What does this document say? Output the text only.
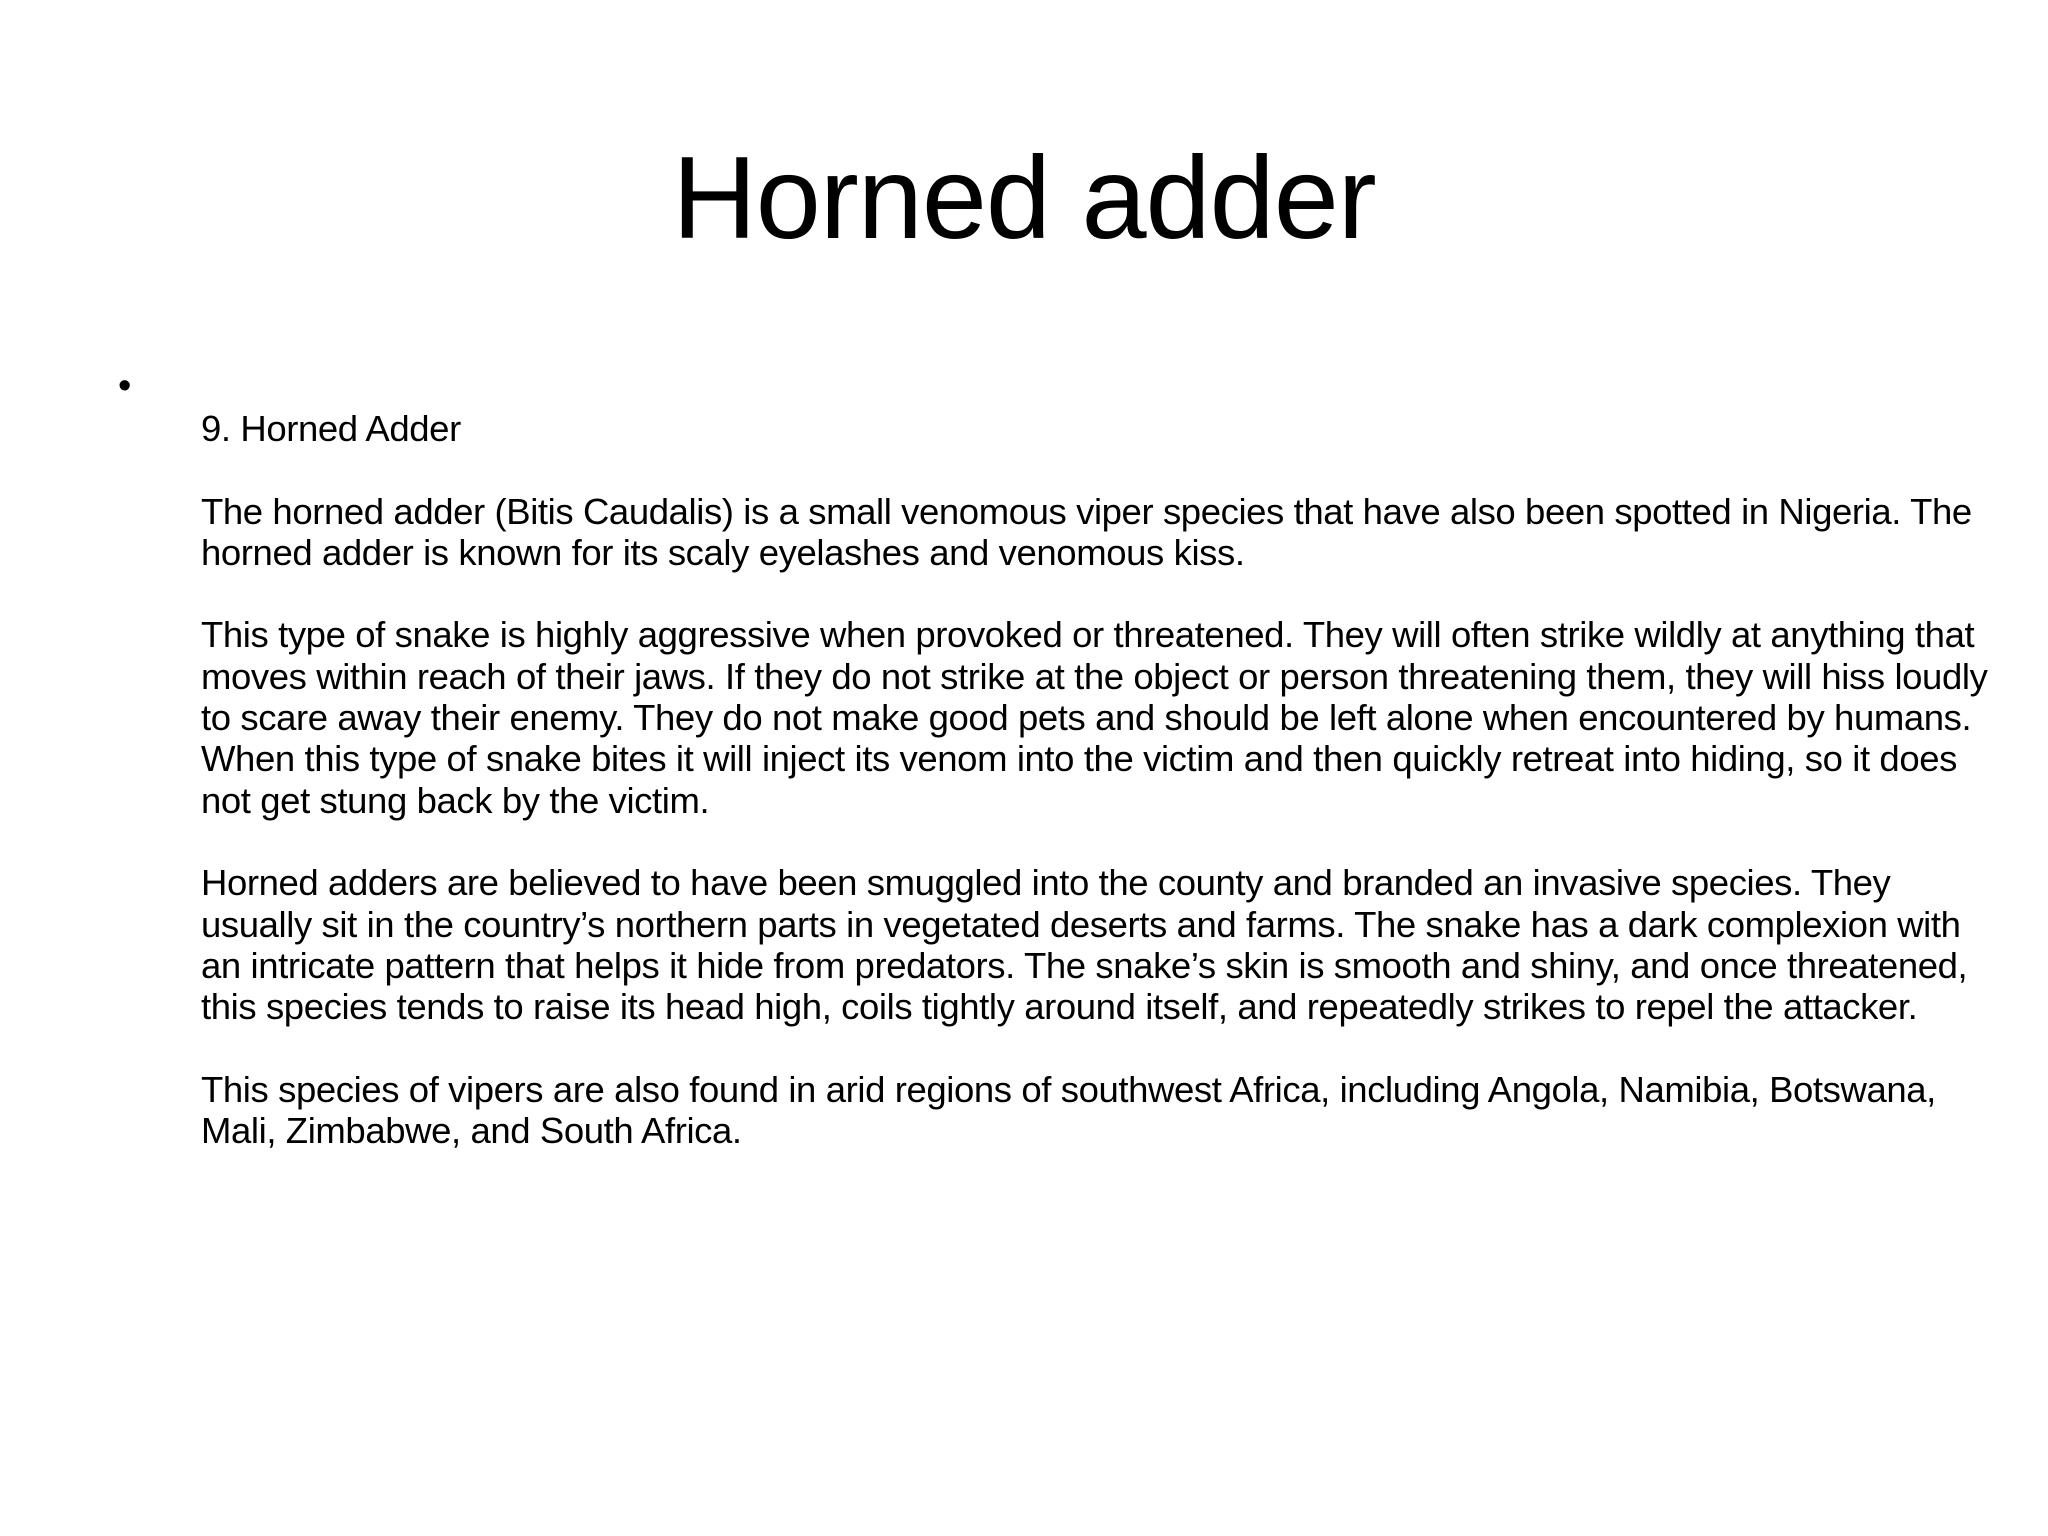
Horned adder
•

9. Horned Adder

The horned adder (Bitis Caudalis) is a small venomous viper species that have also been spotted in Nigeria. The horned adder is known for its scaly eyelashes and venomous kiss.

This type of snake is highly aggressive when provoked or threatened. They will often strike wildly at anything that moves within reach of their jaws. If they do not strike at the object or person threatening them, they will hiss loudly to scare away their enemy. They do not make good pets and should be left alone when encountered by humans. When this type of snake bites it will inject its venom into the victim and then quickly retreat into hiding, so it does not get stung back by the victim.

Horned adders are believed to have been smuggled into the county and branded an invasive species. They usually sit in the country’s northern parts in vegetated deserts and farms. The snake has a dark complexion with an intricate pattern that helps it hide from predators. The snake’s skin is smooth and shiny, and once threatened, this species tends to raise its head high, coils tightly around itself, and repeatedly strikes to repel the attacker.

This species of vipers are also found in arid regions of southwest Africa, including Angola, Namibia, Botswana, Mali, Zimbabwe, and South Africa.
